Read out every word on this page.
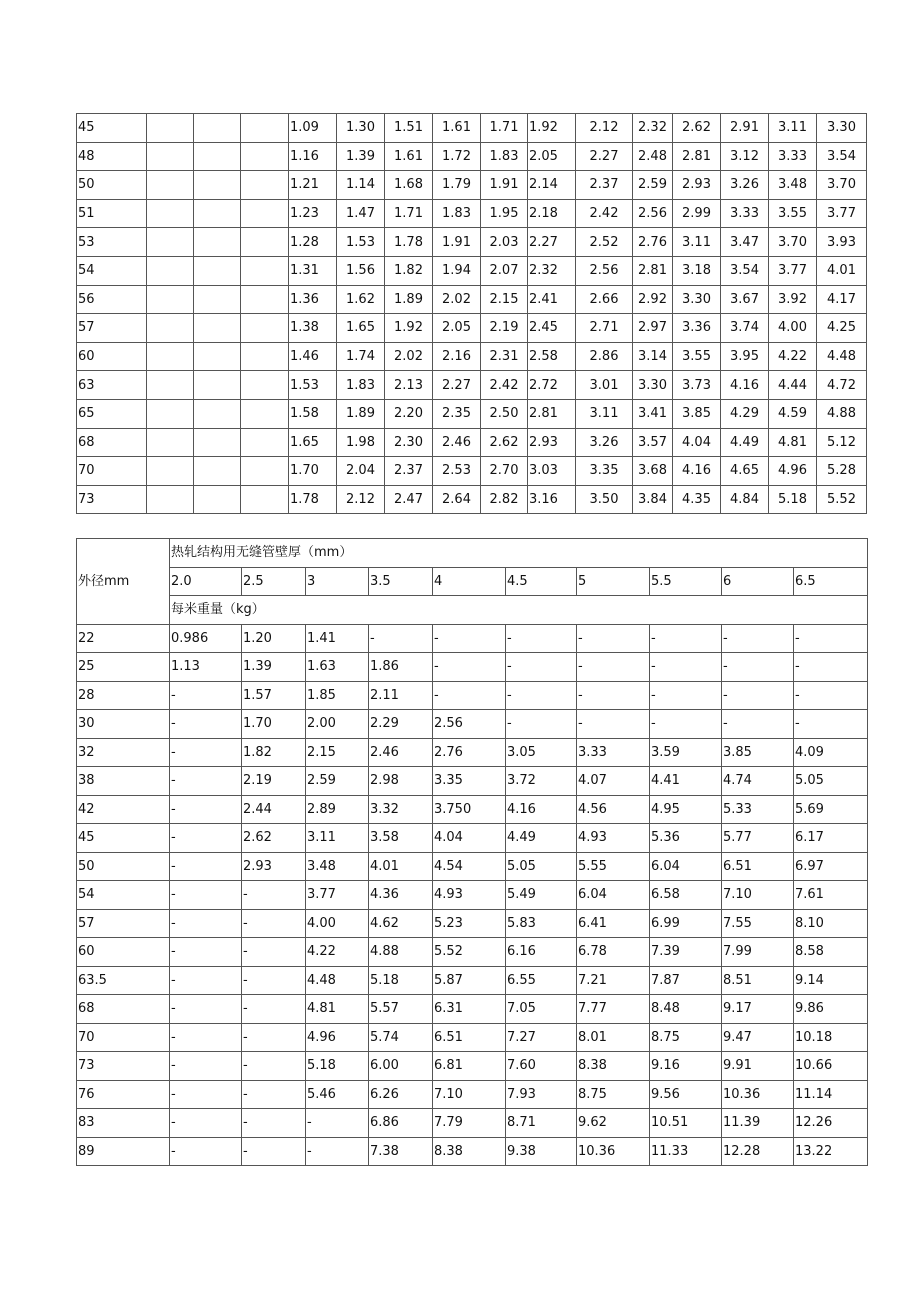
45				1.09	1.30	1.51	1.61	1.71	1.92	2.12	2.32	2.62	2.91	3.11	3.30
48				1.16	1.39	1.61	1.72	1.83	2.05	2.27	2.48	2.81	3.12	3.33	3.54
50				1.21	1.14	1.68	1.79	1.91	2.14	2.37	2.59	2.93	3.26	3.48	3.70
51				1.23	1.47	1.71	1.83	1.95	2.18	2.42	2.56	2.99	3.33	3.55	3.77
53				1.28	1.53	1.78	1.91	2.03	2.27	2.52	2.76	3.11	3.47	3.70	3.93
54				1.31	1.56	1.82	1.94	2.07	2.32	2.56	2.81	3.18	3.54	3.77	4.01
56				1.36	1.62	1.89	2.02	2.15	2.41	2.66	2.92	3.30	3.67	3.92	4.17
57				1.38	1.65	1.92	2.05	2.19	2.45	2.71	2.97	3.36	3.74	4.00	4.25
60				1.46	1.74	2.02	2.16	2.31	2.58	2.86	3.14	3.55	3.95	4.22	4.48
63				1.53	1.83	2.13	2.27	2.42	2.72	3.01	3.30	3.73	4.16	4.44	4.72
65				1.58	1.89	2.20	2.35	2.50	2.81	3.11	3.41	3.85	4.29	4.59	4.88
68				1.65	1.98	2.30	2.46	2.62	2.93	3.26	3.57	4.04	4.49	4.81	5.12
70				1.70	2.04	2.37	2.53	2.70	3.03	3.35	3.68	4.16	4.65	4.96	5.28
73				1.78	2.12	2.47	2.64	2.82	3.16	3.50	3.84	4.35	4.84	5.18	5.52
外径mm	热轧结构用无缝管壁厚（mm）									
	2.0	2.5	3	3.5	4	4.5	5	5.5	6	6.5
	每米重量（kg）									
22	0.986	1.20	1.41	-	-	-	-	-	-	-
25	1.13	1.39	1.63	1.86	-	-	-	-	-	-
28	-	1.57	1.85	2.11	-	-	-	-	-	-
30	-	1.70	2.00	2.29	2.56	-	-	-	-	-
32	-	1.82	2.15	2.46	2.76	3.05	3.33	3.59	3.85	4.09
38	-	2.19	2.59	2.98	3.35	3.72	4.07	4.41	4.74	5.05
42	-	2.44	2.89	3.32	3.750	4.16	4.56	4.95	5.33	5.69
45	-	2.62	3.11	3.58	4.04	4.49	4.93	5.36	5.77	6.17
50	-	2.93	3.48	4.01	4.54	5.05	5.55	6.04	6.51	6.97
54	-	-	3.77	4.36	4.93	5.49	6.04	6.58	7.10	7.61
57	-	-	4.00	4.62	5.23	5.83	6.41	6.99	7.55	8.10
60	-	-	4.22	4.88	5.52	6.16	6.78	7.39	7.99	8.58
63.5	-	-	4.48	5.18	5.87	6.55	7.21	7.87	8.51	9.14
68	-	-	4.81	5.57	6.31	7.05	7.77	8.48	9.17	9.86
70	-	-	4.96	5.74	6.51	7.27	8.01	8.75	9.47	10.18
73	-	-	5.18	6.00	6.81	7.60	8.38	9.16	9.91	10.66
76	-	-	5.46	6.26	7.10	7.93	8.75	9.56	10.36	11.14
83	-	-	-	6.86	7.79	8.71	9.62	10.51	11.39	12.26
89	-	-	-	7.38	8.38	9.38	10.36	11.33	12.28	13.22
